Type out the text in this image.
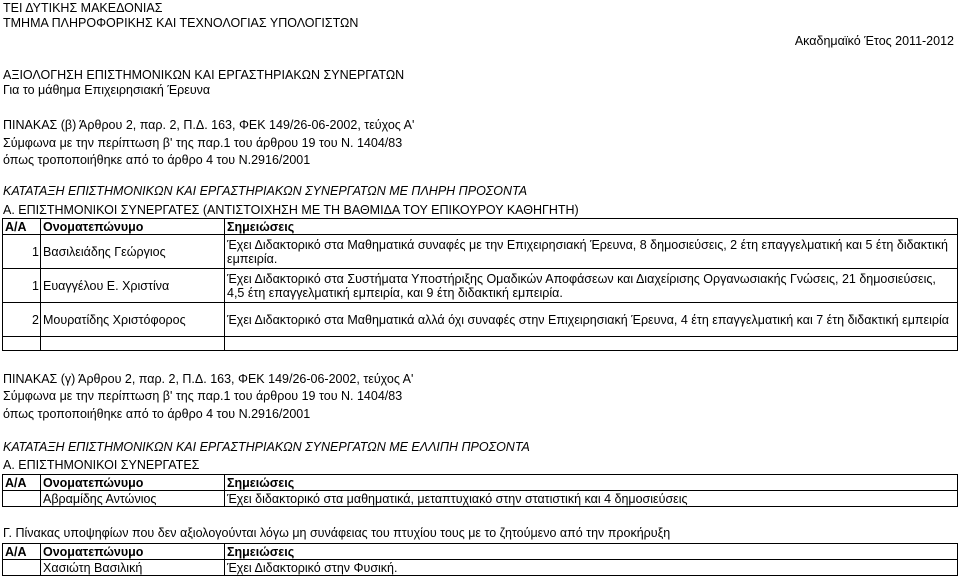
ΤΕΙ ΔΥΤΙΚΗΣ ΜΑΚΕΔΟΝΙΑΣ
ΤΜΗΜΑ ΠΛΗΡΟΦΟΡΙΚΗΣ ΚΑΙ ΤΕΧΝΟΛΟΓΙΑΣ ΥΠΟΛΟΓΙΣΤΩΝ
Ακαδημαϊκό Έτος 2011-2012
ΑΞΙΟΛΟΓΗΣΗ ΕΠΙΣΤΗΜΟΝΙΚΩΝ ΚΑΙ ΕΡΓΑΣΤΗΡΙΑΚΩΝ ΣΥΝΕΡΓΑΤΩΝ
Για το μάθημα Επιχειρησιακή Έρευνα
ΠΙΝΑΚΑΣ (β) Άρθρου 2, παρ. 2, Π.Δ. 163, ΦΕΚ 149/26-06-2002, τεύχος Α'
Σύμφωνα με την περίπτωση β' της παρ.1 του άρθρου 19 του Ν. 1404/83
όπως τροποποιήθηκε από το άρθρο 4 του Ν.2916/2001
ΚΑΤΑΤΑΞΗ ΕΠΙΣΤΗΜΟΝΙΚΩΝ ΚΑΙ ΕΡΓΑΣΤΗΡΙΑΚΩΝ ΣΥΝΕΡΓΑΤΩΝ ΜΕ ΠΛΗΡΗ ΠΡΟΣΟΝΤΑ
Α. ΕΠΙΣΤΗΜΟΝΙΚΟΙ ΣΥΝΕΡΓΑΤΕΣ (ΑΝΤΙΣΤΟΙΧΗΣΗ ΜΕ ΤΗ ΒΑΘΜΙΔΑ ΤΟΥ ΕΠΙΚΟΥΡΟΥ ΚΑΘΗΓΗΤΗ)
Α/Α	Ονοματεπώνυμο	Σημειώσεις
1	Βασιλειάδης Γεώργιος	Έχει Διδακτορικό στα Μαθηματικά συναφές με την Επιχειρησιακή Έρευνα, 8 δημοσιεύσεις, 2 έτη επαγγελματική και 5 έτη διδακτική εμπειρία.
1	Ευαγγέλου Ε. Χριστίνα	Έχει Διδακτορικό στα Συστήματα Υποστήριξης Ομαδικών Αποφάσεων και Διαχείρισης Οργανωσιακής Γνώσεις, 21 δημοσιεύσεις, 4,5 έτη επαγγελματική εμπειρία, και 9 έτη διδακτική εμπειρία.
2	Μουρατίδης Χριστόφορος	Έχει Διδακτορικό στα Μαθηματικά αλλά όχι συναφές στην Επιχειρησιακή Έρευνα, 4 έτη επαγγελματική και 7 έτη διδακτική εμπειρία

ΠΙΝΑΚΑΣ (γ) Άρθρου 2, παρ. 2, Π.Δ. 163, ΦΕΚ 149/26-06-2002, τεύχος Α'
Σύμφωνα με την περίπτωση β' της παρ.1 του άρθρου 19 του Ν. 1404/83
όπως τροποποιήθηκε από το άρθρο 4 του Ν.2916/2001
ΚΑΤΑΤΑΞΗ ΕΠΙΣΤΗΜΟΝΙΚΩΝ ΚΑΙ ΕΡΓΑΣΤΗΡΙΑΚΩΝ ΣΥΝΕΡΓΑΤΩΝ ΜΕ ΕΛΛΙΠΗ ΠΡΟΣΟΝΤΑ
Α. ΕΠΙΣΤΗΜΟΝΙΚΟΙ ΣΥΝΕΡΓΑΤΕΣ
Α/Α	Ονοματεπώνυμο	Σημειώσεις
	Αβραμίδης Αντώνιος	Έχει διδακτορικό στα μαθηματικά, μεταπτυχιακό στην στατιστική και 4 δημοσιεύσεις
Γ. Πίνακας υποψηφίων που δεν αξιολογούνται λόγω μη συνάφειας του πτυχίου τους με το ζητούμενο από την προκήρυξη
Α/Α	Ονοματεπώνυμο	Σημειώσεις
	Χασιώτη Βασιλική	Έχει Διδακτορικό στην Φυσική.
